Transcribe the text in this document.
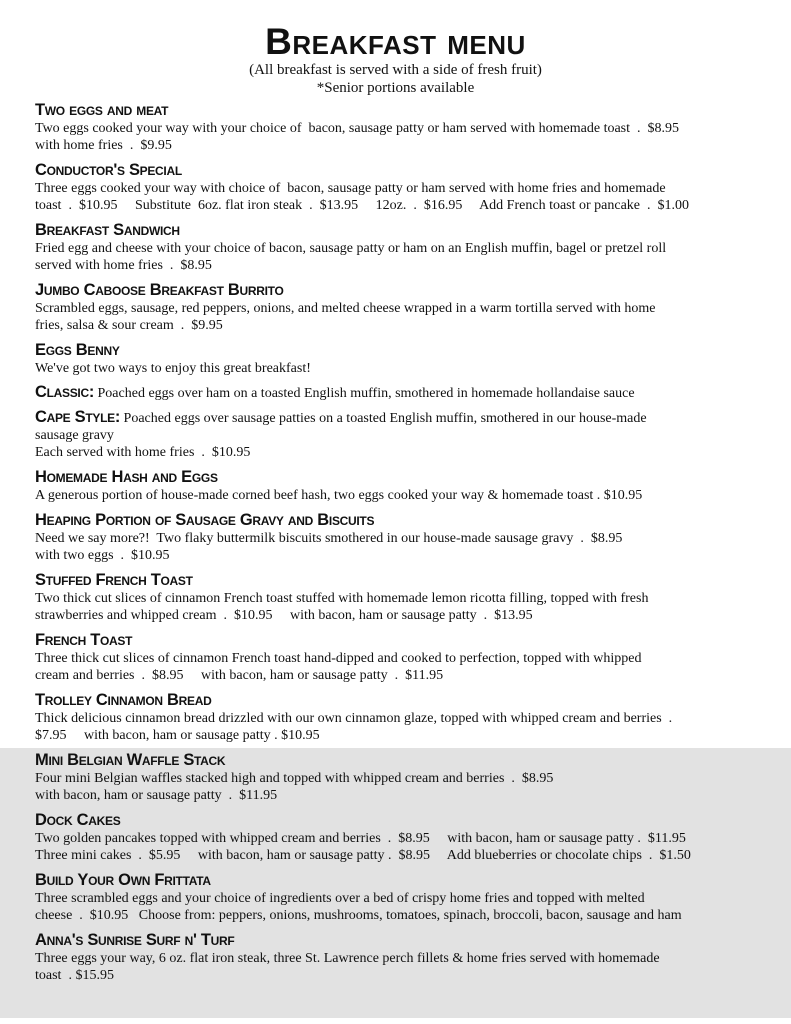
Breakfast menu
(All breakfast is served with a side of fresh fruit)
*Senior portions available
Two eggs and meat
Two eggs cooked your way with your choice of  bacon, sausage patty or ham served with homemade toast  .  $8.95
with home fries  .  $9.95
Conductor's Special
Three eggs cooked your way with choice of  bacon, sausage patty or ham served with home fries and homemade
toast  .  $10.95     Substitute  6oz. flat iron steak  .  $13.95     12oz.  .  $16.95     Add French toast or pancake  .  $1.00
Breakfast Sandwich
Fried egg and cheese with your choice of bacon, sausage patty or ham on an English muffin, bagel or pretzel roll
served with home fries  .  $8.95
Jumbo Caboose Breakfast Burrito
Scrambled eggs, sausage, red peppers, onions, and melted cheese wrapped in a warm tortilla served with home
fries, salsa & sour cream  .  $9.95
Eggs Benny
We've got two ways to enjoy this great breakfast!
Classic: Poached eggs over ham on a toasted English muffin, smothered in homemade hollandaise sauce
Cape Style: Poached eggs over sausage patties on a toasted English muffin, smothered in our house-made
sausage gravy
Each served with home fries  .  $10.95
Homemade Hash and Eggs
A generous portion of house-made corned beef hash, two eggs cooked your way & homemade toast . $10.95
Heaping Portion of Sausage Gravy and Biscuits
Need we say more?!  Two flaky buttermilk biscuits smothered in our house-made sausage gravy  .  $8.95
with two eggs  .  $10.95
Stuffed French Toast
Two thick cut slices of cinnamon French toast stuffed with homemade lemon ricotta filling, topped with fresh
strawberries and whipped cream  .  $10.95     with bacon, ham or sausage patty  .  $13.95
French Toast
Three thick cut slices of cinnamon French toast hand-dipped and cooked to perfection, topped with whipped
cream and berries  .  $8.95     with bacon, ham or sausage patty  .  $11.95
Trolley Cinnamon Bread
Thick delicious cinnamon bread drizzled with our own cinnamon glaze, topped with whipped cream and berries  .
$7.95     with bacon, ham or sausage patty . $10.95
Mini Belgian Waffle Stack
Four mini Belgian waffles stacked high and topped with whipped cream and berries  .  $8.95
with bacon, ham or sausage patty  .  $11.95
Dock Cakes
Two golden pancakes topped with whipped cream and berries  .  $8.95     with bacon, ham or sausage patty .  $11.95
Three mini cakes  .  $5.95     with bacon, ham or sausage patty .  $8.95     Add blueberries or chocolate chips  .  $1.50
Build Your Own Frittata
Three scrambled eggs and your choice of ingredients over a bed of crispy home fries and topped with melted
cheese  .  $10.95   Choose from: peppers, onions, mushrooms, tomatoes, spinach, broccoli, bacon, sausage and ham
Anna's Sunrise Surf n' Turf
Three eggs your way, 6 oz. flat iron steak, three St. Lawrence perch fillets & home fries served with homemade
toast  . $15.95
